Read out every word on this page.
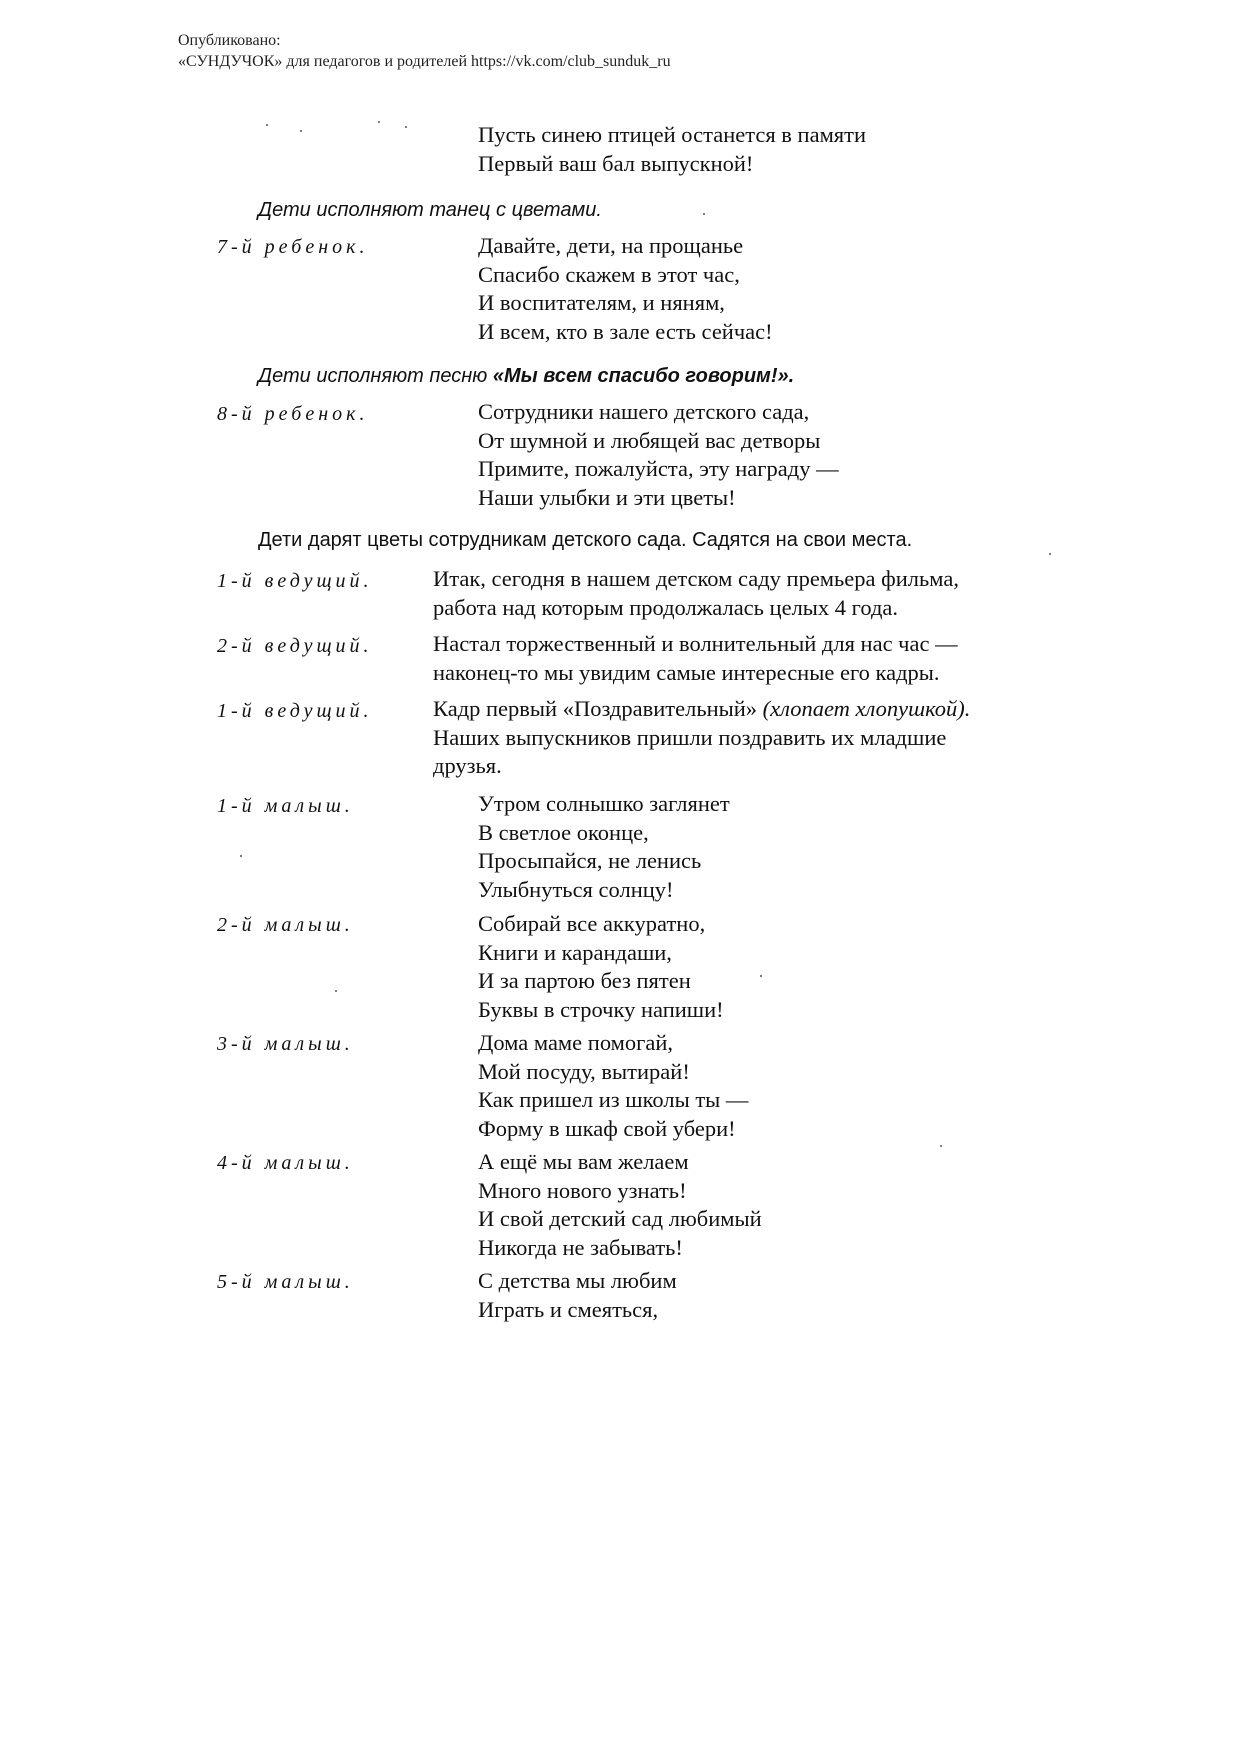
Опубликовано:
«СУНДУЧОК» для педагогов и родителей https://vk.com/club_sunduk_ru
Пусть синею птицей останется в памяти
Первый ваш бал выпускной!
Дети исполняют танец с цветами.
7-й ребенок.	Давайте, дети, на прощанье
Спасибо скажем в этот час,
И воспитателям, и няням,
И всем, кто в зале есть сейчас!
Дети исполняют песню «Мы всем спасибо говорим!».
8-й ребенок.	Сотрудники нашего детского сада,
От шумной и любящей вас детворы
Примите, пожалуйста, эту награду —
Наши улыбки и эти цветы!
Дети дарят цветы сотрудникам детского сада. Садятся на свои места.
1-й ведущий.	Итак, сегодня в нашем детском саду премьера фильма,
работа над которым продолжалась целых 4 года.
2-й ведущий.	Настал торжественный и волнительный для нас час —
наконец-то мы увидим самые интересные его кадры.
1-й ведущий.	Кадр первый «Поздравительный» (хлопает хлопушкой).
Наших выпускников пришли поздравить их младшие
друзья.
1-й малыш.	Утром солнышко заглянет
В светлое оконце,
Просыпайся, не ленись
Улыбнуться солнцу!
2-й малыш.	Собирай все аккуратно,
Книги и карандаши,
И за партою без пятен
Буквы в строчку напиши!
3-й малыш.	Дома маме помогай,
Мой посуду, вытирай!
Как пришел из школы ты —
Форму в шкаф свой убери!
4-й малыш.	А ещё мы вам желаем
Много нового узнать!
И свой детский сад любимый
Никогда не забывать!
5-й малыш.	С детства мы любим
Играть и смеяться,
